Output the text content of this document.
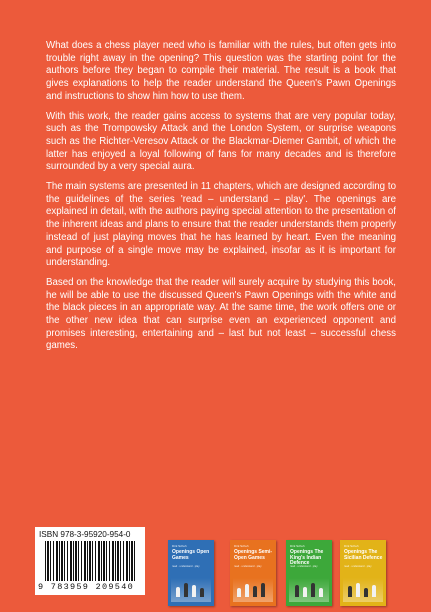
What does a chess player need who is familiar with the rules, but often gets into trouble right away in the opening? This question was the starting point for the authors before they began to compile their material. The result is a book that gives explanations to help the reader understand the Queen's Pawn Openings and instructions to show him how to use them.

With this work, the reader gains access to systems that are very popular today, such as the Trompowsky Attack and the London System, or surprise weapons such as the Richter-Veresov Attack or the Blackmar-Diemer Gambit, of which the latter has enjoyed a loyal following of fans for many decades and is therefore surrounded by a very special aura.

The main systems are presented in 11 chapters, which are designed according to the guidelines of the series 'read – understand – play'. The openings are explained in detail, with the authors paying special attention to the presentation of the inherent ideas and plans to ensure that the reader understands them properly instead of just playing moves that he has learned by heart. Even the meaning and purpose of a single move may be explained, insofar as it is important for understanding.

Based on the knowledge that the reader will surely acquire by studying this book, he will be able to use the discussed Queen's Pawn Openings with the white and the black pieces in an appropriate way. At the same time, the work offers one or the other new idea that can surprise even an experienced opponent and promises interesting, entertaining and – last but not least – successful chess games.

ISBN 978-3-95920-954-0
9 783959 209540
Dirk Schuh
Openings Open Games
read · understand · play
Dirk Schuh
Openings Semi-Open Games
read · understand · play
Dirk Schuh
Openings The King's Indian Defence
read · understand · play
Dirk Schuh
Openings The Sicilian Defence
read · understand · play
